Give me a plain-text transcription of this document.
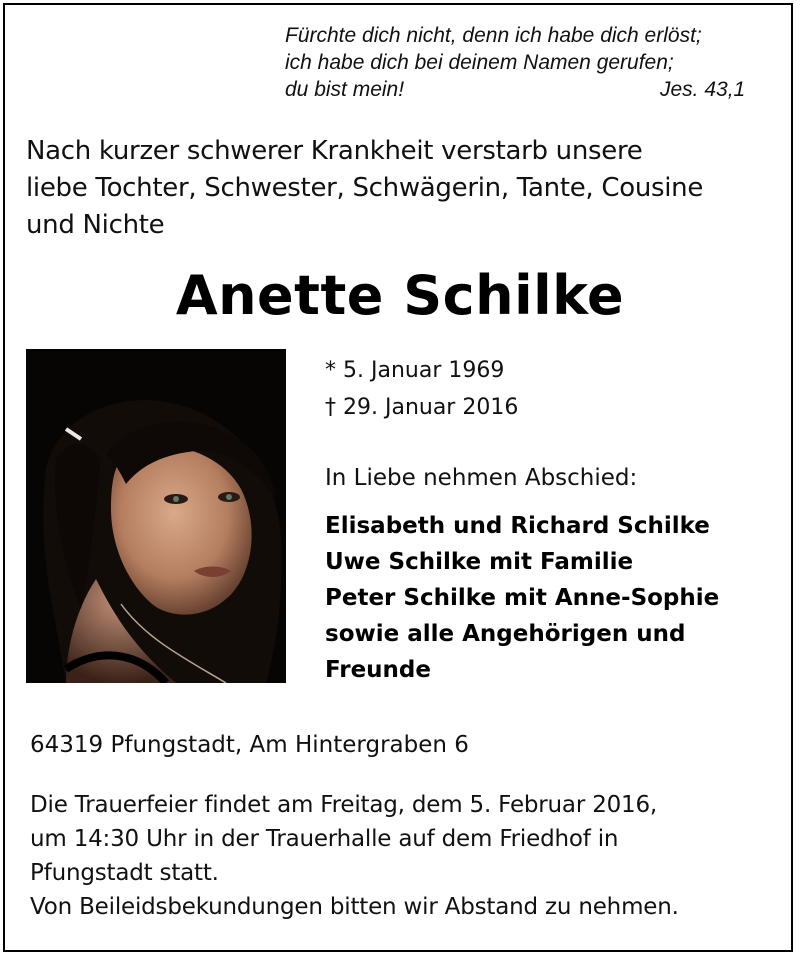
Fürchte dich nicht, denn ich habe dich erlöst;
ich habe dich bei deinem Namen gerufen;
du bist mein!	Jes. 43,1
Nach kurzer schwerer Krankheit verstarb unsere
liebe Tochter, Schwester, Schwägerin, Tante, Cousine
und Nichte
Anette Schilke
* 5. Januar 1969
† 29. Januar 2016
In Liebe nehmen Abschied:
Elisabeth und Richard Schilke
Uwe Schilke mit Familie
Peter Schilke mit Anne-Sophie
sowie alle Angehörigen und
Freunde
64319 Pfungstadt, Am Hintergraben 6
Die Trauerfeier findet am Freitag, dem 5. Februar 2016,
um 14:30 Uhr in der Trauerhalle auf dem Friedhof in
Pfungstadt statt.
Von Beileidsbekundungen bitten wir Abstand zu nehmen.
